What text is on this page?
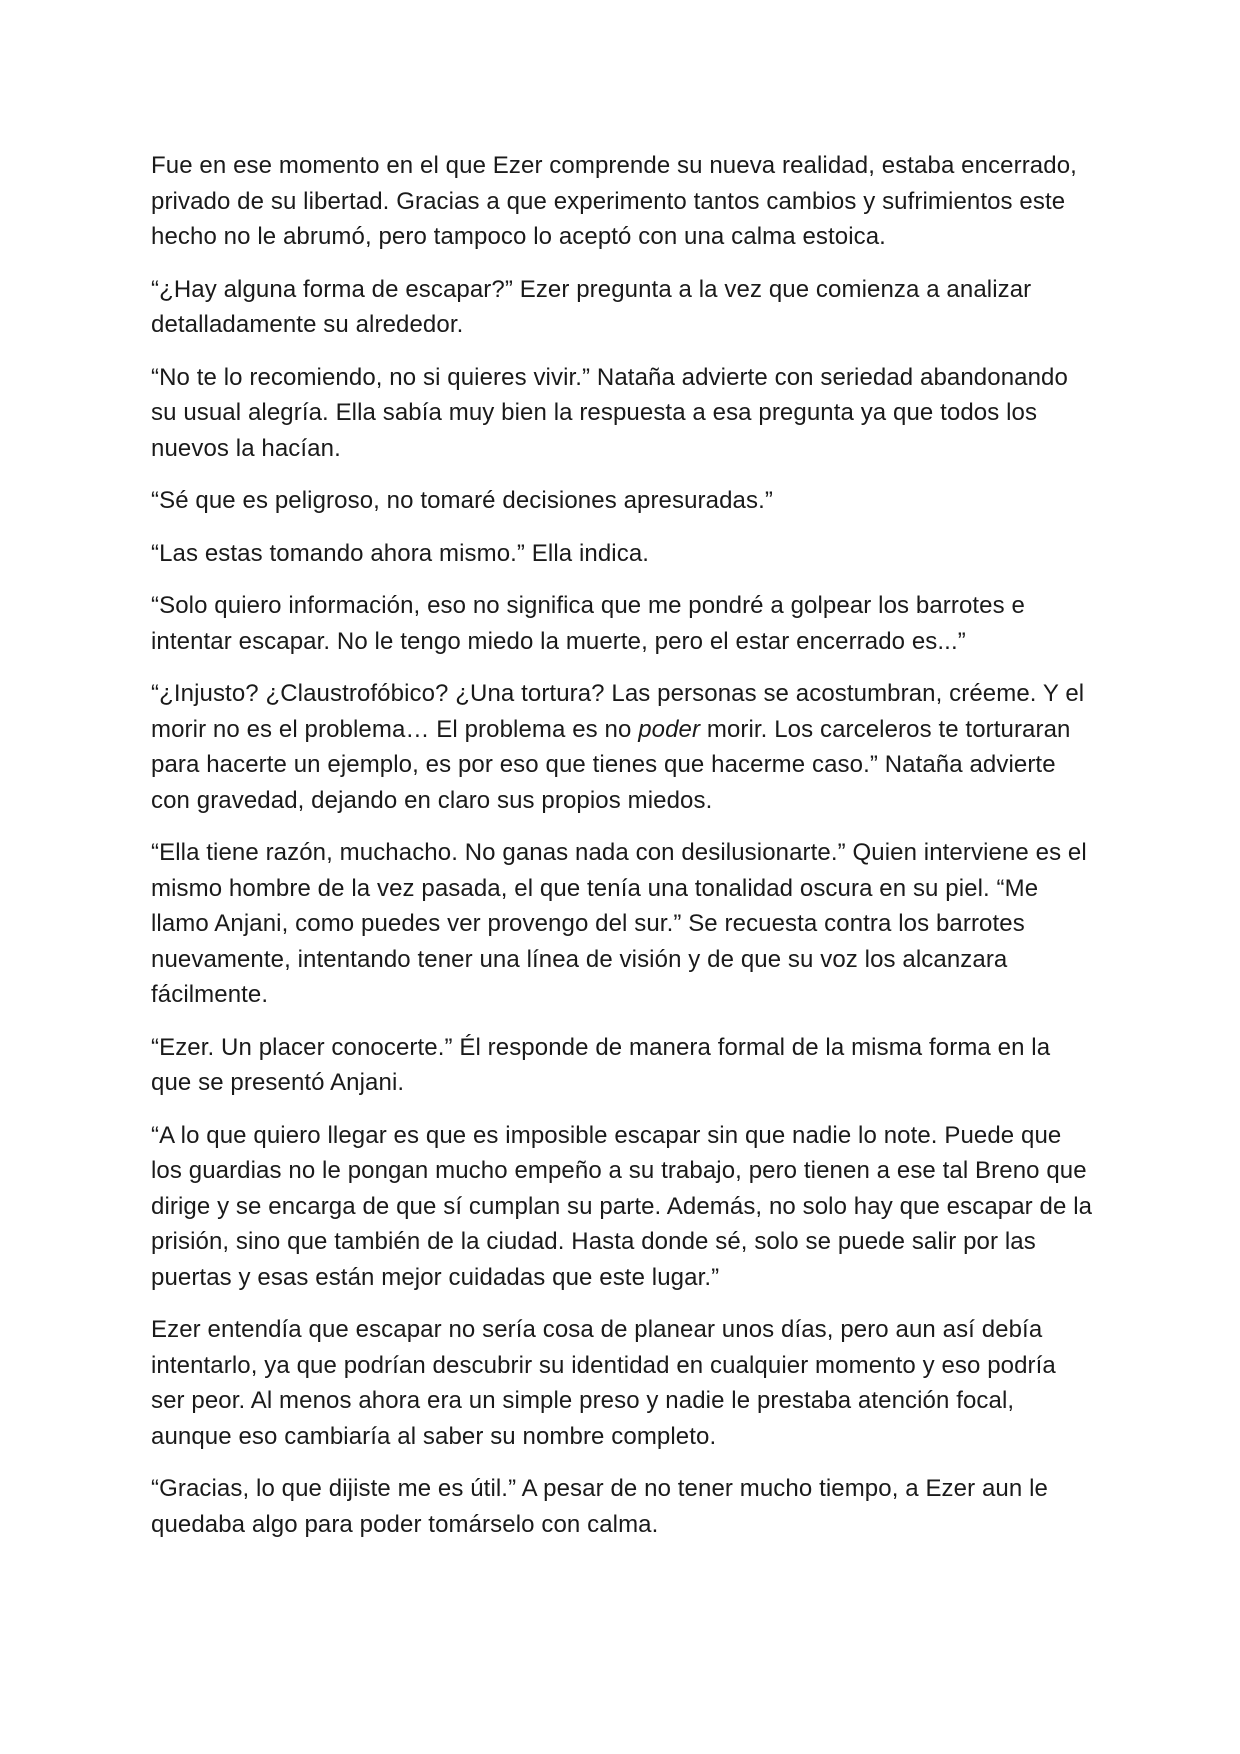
Fue en ese momento en el que Ezer comprende su nueva realidad, estaba encerrado, privado de su libertad. Gracias a que experimento tantos cambios y sufrimientos este hecho no le abrumó, pero tampoco lo aceptó con una calma estoica.

“¿Hay alguna forma de escapar?” Ezer pregunta a la vez que comienza a analizar detalladamente su alrededor.

“No te lo recomiendo, no si quieres vivir.” Nataña advierte con seriedad abandonando su usual alegría. Ella sabía muy bien la respuesta a esa pregunta ya que todos los nuevos la hacían.

“Sé que es peligroso, no tomaré decisiones apresuradas.”

“Las estas tomando ahora mismo.” Ella indica.

“Solo quiero información, eso no significa que me pondré a golpear los barrotes e intentar escapar. No le tengo miedo la muerte, pero el estar encerrado es...”

“¿Injusto? ¿Claustrofóbico? ¿Una tortura? Las personas se acostumbran, créeme. Y el morir no es el problema… El problema es no poder morir. Los carceleros te torturaran para hacerte un ejemplo, es por eso que tienes que hacerme caso.” Nataña advierte con gravedad, dejando en claro sus propios miedos.

“Ella tiene razón, muchacho. No ganas nada con desilusionarte.” Quien interviene es el mismo hombre de la vez pasada, el que tenía una tonalidad oscura en su piel. “Me llamo Anjani, como puedes ver provengo del sur.” Se recuesta contra los barrotes nuevamente, intentando tener una línea de visión y de que su voz los alcanzara fácilmente.

“Ezer. Un placer conocerte.” Él responde de manera formal de la misma forma en la que se presentó Anjani.

“A lo que quiero llegar es que es imposible escapar sin que nadie lo note. Puede que los guardias no le pongan mucho empeño a su trabajo, pero tienen a ese tal Breno que dirige y se encarga de que sí cumplan su parte. Además, no solo hay que escapar de la prisión, sino que también de la ciudad. Hasta donde sé, solo se puede salir por las puertas y esas están mejor cuidadas que este lugar.”

Ezer entendía que escapar no sería cosa de planear unos días, pero aun así debía intentarlo, ya que podrían descubrir su identidad en cualquier momento y eso podría ser peor. Al menos ahora era un simple preso y nadie le prestaba atención focal, aunque eso cambiaría al saber su nombre completo.

“Gracias, lo que dijiste me es útil.” A pesar de no tener mucho tiempo, a Ezer aun le quedaba algo para poder tomárselo con calma.
